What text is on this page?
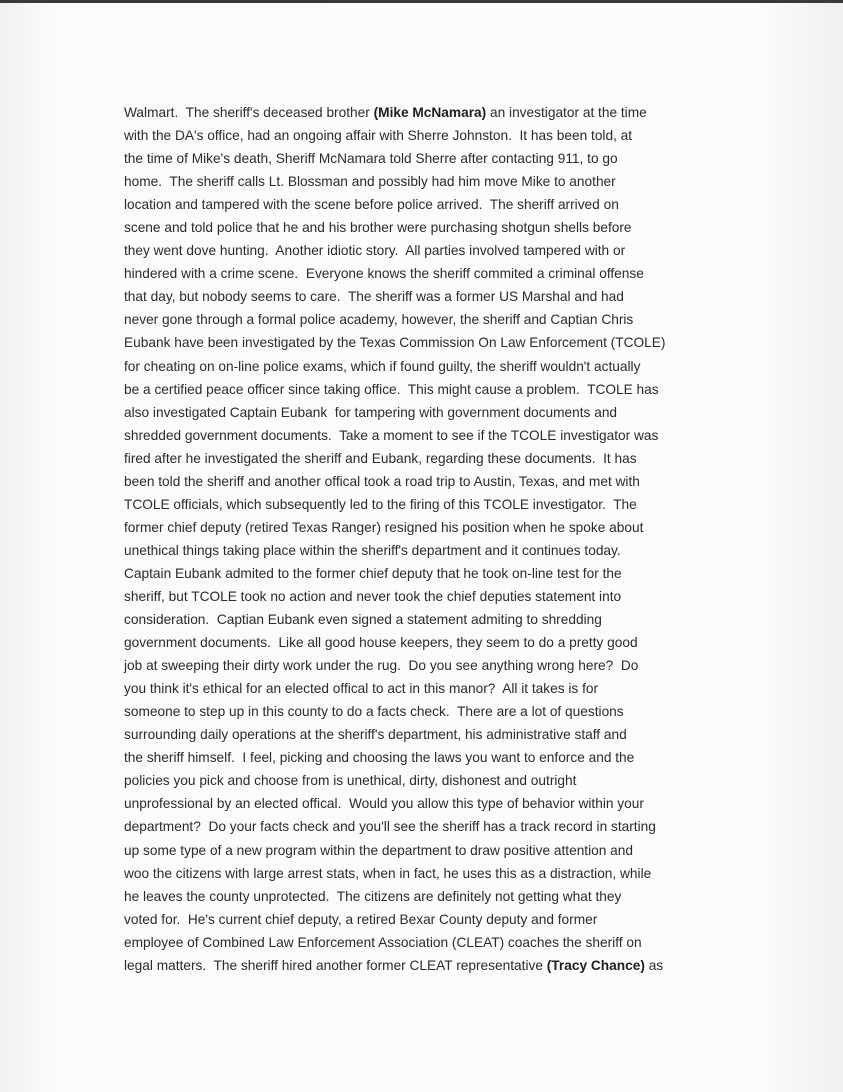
Walmart.  The sheriff's deceased brother (Mike McNamara) an investigator at the time
with the DA's office, had an ongoing affair with Sherre Johnston.  It has been told, at
the time of Mike's death, Sheriff McNamara told Sherre after contacting 911, to go
home.  The sheriff calls Lt. Blossman and possibly had him move Mike to another
location and tampered with the scene before police arrived.  The sheriff arrived on
scene and told police that he and his brother were purchasing shotgun shells before
they went dove hunting.  Another idiotic story.  All parties involved tampered with or
hindered with a crime scene.  Everyone knows the sheriff commited a criminal offense
that day, but nobody seems to care.  The sheriff was a former US Marshal and had
never gone through a formal police academy, however, the sheriff and Captian Chris
Eubank have been investigated by the Texas Commission On Law Enforcement (TCOLE)
for cheating on on-line police exams, which if found guilty, the sheriff wouldn't actually
be a certified peace officer since taking office.  This might cause a problem.  TCOLE has
also investigated Captain Eubank  for tampering with government documents and
shredded government documents.  Take a moment to see if the TCOLE investigator was
fired after he investigated the sheriff and Eubank, regarding these documents.  It has
been told the sheriff and another offical took a road trip to Austin, Texas, and met with
TCOLE officials, which subsequently led to the firing of this TCOLE investigator.  The
former chief deputy (retired Texas Ranger) resigned his position when he spoke about
unethical things taking place within the sheriff's department and it continues today.
Captain Eubank admited to the former chief deputy that he took on-line test for the
sheriff, but TCOLE took no action and never took the chief deputies statement into
consideration.  Captian Eubank even signed a statement admiting to shredding
government documents.  Like all good house keepers, they seem to do a pretty good
job at sweeping their dirty work under the rug.  Do you see anything wrong here?  Do
you think it's ethical for an elected offical to act in this manor?  All it takes is for
someone to step up in this county to do a facts check.  There are a lot of questions
surrounding daily operations at the sheriff's department, his administrative staff and
the sheriff himself.  I feel, picking and choosing the laws you want to enforce and the
policies you pick and choose from is unethical, dirty, dishonest and outright
unprofessional by an elected offical.  Would you allow this type of behavior within your
department?  Do your facts check and you'll see the sheriff has a track record in starting
up some type of a new program within the department to draw positive attention and
woo the citizens with large arrest stats, when in fact, he uses this as a distraction, while
he leaves the county unprotected.  The citizens are definitely not getting what they
voted for.  He's current chief deputy, a retired Bexar County deputy and former
employee of Combined Law Enforcement Association (CLEAT) coaches the sheriff on
legal matters.  The sheriff hired another former CLEAT representative (Tracy Chance) as
